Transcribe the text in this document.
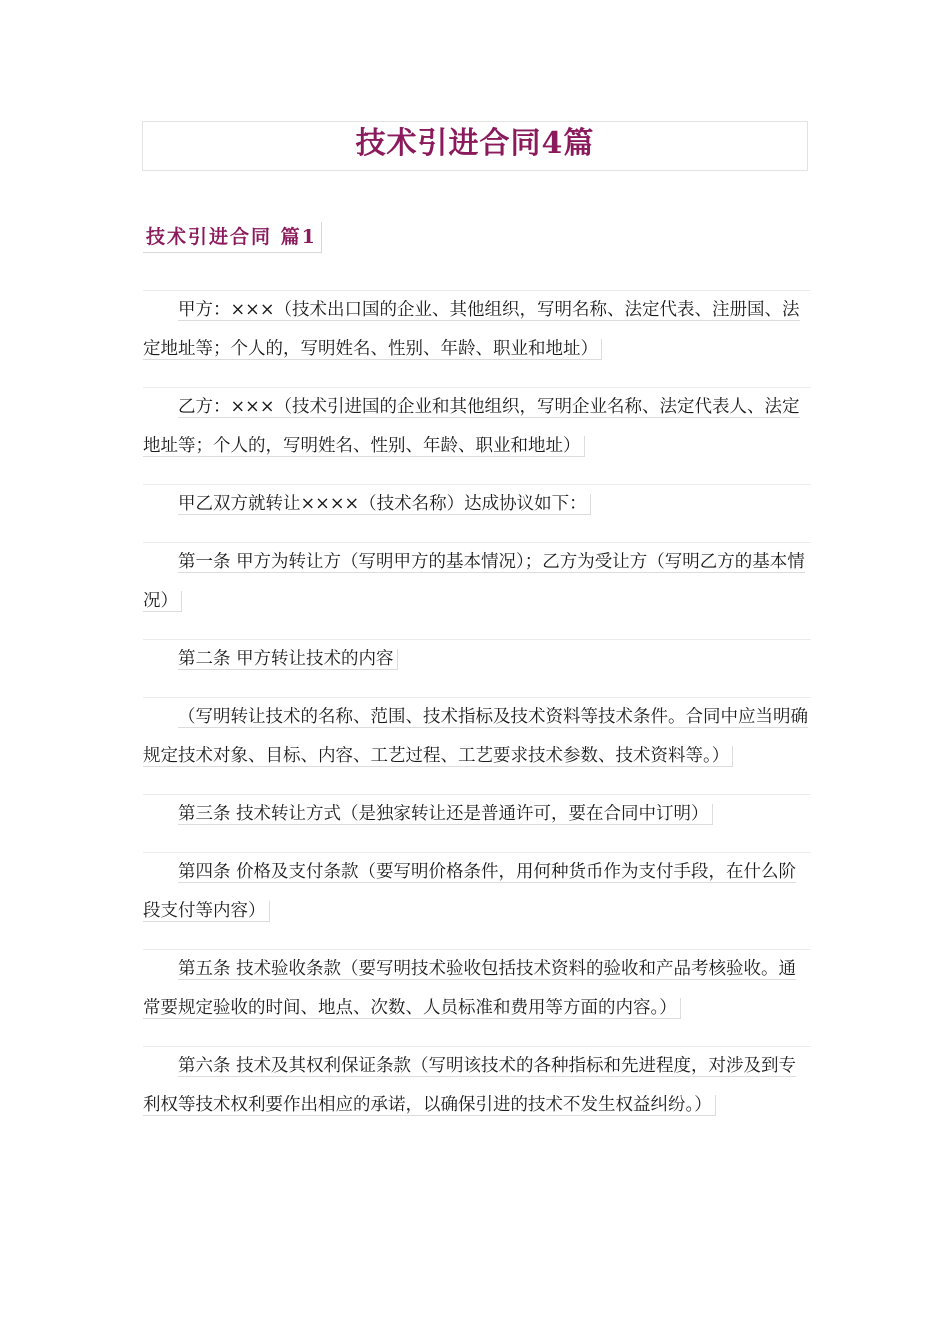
技术引进合同4篇
技术引进合同 篇1

甲方：×××（技术出口国的企业、其他组织，写明名称、法定代表、注册国、法定地址等；个人的，写明姓名、性别、年龄、职业和地址）

乙方：×××（技术引进国的企业和其他组织，写明企业名称、法定代表人、法定地址等；个人的，写明姓名、性别、年龄、职业和地址）

甲乙双方就转让××××（技术名称）达成协议如下：

第一条 甲方为转让方（写明甲方的基本情况）；乙方为受让方（写明乙方的基本情况）

第二条 甲方转让技术的内容

（写明转让技术的名称、范围、技术指标及技术资料等技术条件。合同中应当明确规定技术对象、目标、内容、工艺过程、工艺要求技术参数、技术资料等。）

第三条 技术转让方式（是独家转让还是普通许可，要在合同中订明）

第四条 价格及支付条款（要写明价格条件，用何种货币作为支付手段，在什么阶段支付等内容）

第五条 技术验收条款（要写明技术验收包括技术资料的验收和产品考核验收。通常要规定验收的时间、地点、次数、人员标准和费用等方面的内容。）

第六条 技术及其权利保证条款（写明该技术的各种指标和先进程度，对涉及到专利权等技术权利要作出相应的承诺，以确保引进的技术不发生权益纠纷。）
